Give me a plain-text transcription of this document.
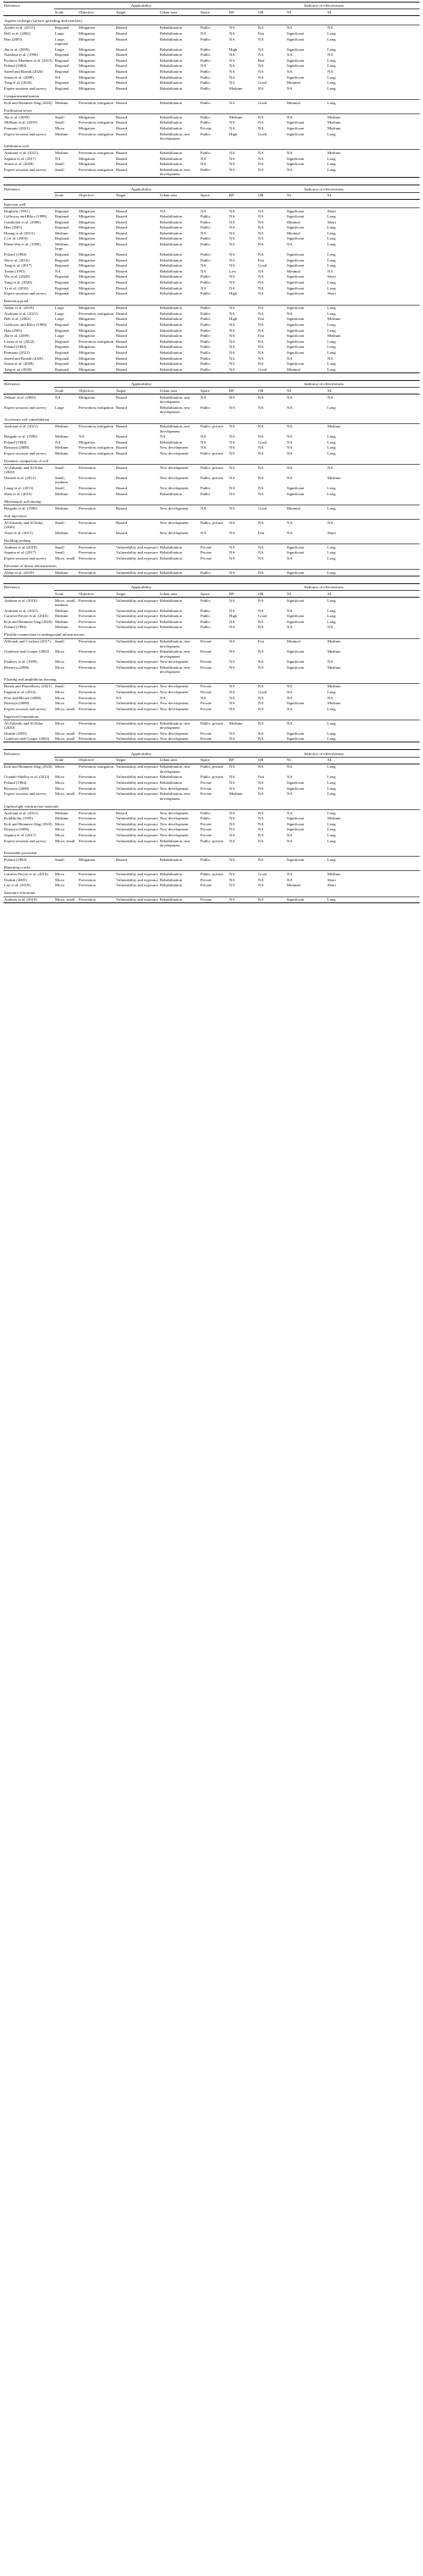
Reference	Applicability					Indicator of effectiveness			
	Scale	Objective	Target	Urban area	Space	RP	OR	NI	SL
Aquifer recharge (surface spreading and trenches)									
Alrabe et al. (2015)	Regional	Mitigation	Hazard	Rehabilitation	Public	NA	NA	NA	NA
Bell et al. (2002)	Large	Mitigation	Hazard	Rehabilitation	NA	NA	Fair	Significant	Long
Han (2003)	Large, regional	Mitigation	Hazard	Rehabilitation	Public	NA	NA	Significant	Long
Jha et al. (2009)	Large	Mitigation	Hazard	Rehabilitation	Public	High	NA	Significant	Long
Natalaya et al. (1996)	Regional	Mitigation	Hazard	Rehabilitation	Public	NA	NA	NA	NA
Pacheco-Martínez et al. (2013)	Regional	Mitigation	Hazard	Rehabilitation	Public	NA	Bad	Significant	Long
Poland (1984)	Regional	Mitigation	Hazard	Rehabilitation	NA	NA	NA	Significant	Long
Saeed and Brandt (2020)	Regional	Mitigation	Hazard	Rehabilitation	Public	NA	NA	NA	NA
Souza et al. (2009)	NA	Mitigation	Hazard	Rehabilitation	Public	NA	NA	Significant	Long
Teng et al. (2020)	Regional	Mitigation	Hazard	Rehabilitation	Public	NA	Good	Minimal	Long
Expert sessions and survey	Regional	Mitigation	Hazard	Rehabilitation	Public	Medium	NA	NA	Long
Compartmentalization									
Kok and Hommes-Slag (2020)	Medium	Prevention, mitigation	Hazard	Rehabilitation	Public	NA	Good	Minimal	Long
Exfiltration sewer									
Jha et al. (2009)	Small	Mitigation	Hazard	Rehabilitation	Public	Medium	NA	NA	Medium
McBean et al. (2019)	Small	Prevention, mitigation	Hazard	Rehabilitation	Public	NA	NA	Significant	Medium
Pramono (2021)	Micro	Mitigation	Hazard	Rehabilitation	Private	NA	NA	Significant	Medium
Expert sessions and survey	Medium	Prevention, mitigation	Hazard	Rehabilitation, new development	Public	High	Good	Significant	Long
Infiltration well									
Andriani et al. (2021)	Medium	Prevention, mitigation	Hazard	Rehabilitation	Public	NA	NA	NA	Medium
Saputra et al. (2017)	NA	Mitigation	Hazard	Rehabilitation	NA	NA	NA	Significant	Long
Souza et al. (2009)	Small	Mitigation	Hazard	Rehabilitation	NA	NA	NA	Significant	Long
Expert sessions and survey	Small	Prevention, mitigation	Hazard	Rehabilitation, new development	Public	NA	NA	NA	Long
Reference	Applicability					Indicator of effectiveness			
	Scale	Objective	Target	Urban area	Space	RP	OR	NI	SL
Injection well									
Brighetti (1991)	Regional	Mitigation	Hazard	NA	NA	NA	NA	Significant	Short
Galloway and Riley (1999)	Regional	Mitigation	Hazard	Rehabilitation	Public	NA	NA	Significant	Long
Gambolati et al. (2006)	Regional	Mitigation	Hazard	Rehabilitation	Public	NA	NA	Minimal	Short
Han (2003)	Regional	Mitigation	Hazard	Rehabilitation	Public	NA	NA	Significant	Long
Huang et al. (2015)	Medium	Mitigation	Hazard	Rehabilitation	NA	NA	NA	Minimal	Long
Li et al. (2003)	Regional	Mitigation	Hazard	Rehabilitation	Public	NA	NA	Significant	Long
Phien-Wej et al. (1998)	Medium, large	Mitigation	Hazard	Rehabilitation	Public	NA	NA	NA	Long
Poland (1984)	Regional	Mitigation	Hazard	Rehabilitation	Public	NA	NA	Significant	Long
Shi et al. (2016)	Regional	Mitigation	Hazard	Rehabilitation	Public	NA	Fair	Significant	Long
Tang et al. (2017)	Regional	Mitigation	Hazard	Rehabilitation	NA	NA	Good	Significant	Long
Teatin (1991)	NA	Mitigation	Hazard	Rehabilitation	NA	Low	NA	Minimal	NA
Wu et al. (2020)	Regional	Mitigation	Hazard	Rehabilitation	Public	NA	NA	Significant	Short
Yang et al. (2020)	Regional	Mitigation	Hazard	Rehabilitation	Public	NA	NA	Significant	Long
Ye et al. (2016)	Regional	Mitigation	Hazard	Rehabilitation	NA	NA	NA	Significant	Long
Expert sessions and survey	Regional	Mitigation	Hazard	Rehabilitation	Public	High	NA	Significant	Short
Retention pond									
Akbar et al. (2019)	Large	Mitigation	Hazard	Rehabilitation	Public	NA	NA	Significant	Long
Andriani et al. (2021)	Large	Prevention, mitigation	Hazard	Rehabilitation	Public	NA	NA	NA	Long
Bell et al. (2002)	Large	Mitigation	Hazard	Rehabilitation	Public	High	Fair	Significant	Medium
Galloway and Riley (1999)	Regional	Mitigation	Hazard	Rehabilitation	Public	NA	NA	Significant	Long
Han (2003)	Regional	Mitigation	Hazard	Rehabilitation	Public	NA	NA	Significant	Long
Jha et al. (2009)	Large	Mitigation	Hazard	Rehabilitation	Public	NA	Fair	Significant	Medium
Lixiao et al. (2022)	Regional	Prevention, mitigation	Hazard	Rehabilitation	Public	NA	NA	Significant	Long
Poland (1984)	Regional	Mitigation	Hazard	Rehabilitation	Public	NA	NA	Significant	Long
Pramono (2021)	Regional	Mitigation	Hazard	Rehabilitation	Public	NA	NA	Significant	Long
Saeed and Brandt (2020)	Regional	Mitigation	Hazard	Rehabilitation	Public	NA	NA	NA	NA
Souza et al. (2009)	Regional	Mitigation	Hazard	Rehabilitation	Public	NA	NA	Significant	Long
Teng et al. (2020)	Regional	Mitigation	Hazard	Rehabilitation	Public	NA	Good	Minimal	Long
Reference	Applicability					Indicator of effectiveness			
	Scale	Objective	Target	Urban area	Space	RP	OR	NI	SL
Zektser et al. (2005)	NA	Mitigation	Hazard	Rehabilitation, new development	NA	NA	NA	NA	NA
Expert sessions and survey	Large	Prevention, mitigation	Hazard	Rehabilitation, new development	Public	NA	NA	NA	Long
Accelerate soil consolidation									
Andriani et al. (2021)	Medium	Prevention, mitigation	Hazard	Rehabilitation, new development	Public, private	NA	NA	NA	Medium
Bergado et al. (1990)	Medium	NA	Hazard	NA	NA	NA	NA	NA	Long
Poland (1984)	NA	Mitigation	Hazard	Rehabilitation	NA	NA	Good	NA	Long
Rözsnya (2008)	Medium	Prevention, mitigation	Hazard	New development	NA	NA	NA	NA	Long
Expert sessions and survey	Medium	Prevention, mitigation	Hazard	New development	Public, private	NA	NA	NA	Long
Dynamic compaction of soil									
Al-Zubaidy and Al-Kilai (2020)	Small	Prevention	Hazard	New development	Public, private	NA	NA	NA	NA
Hamidi et al. (2011)	Small, medium	Prevention	Hazard	New development	Public, private	NA	NA	NA	Medium
Liang et al. (2013)	Small	Prevention	Hazard	New development	Public	NA	NA	Significant	Long
Shen et al. (2019)	Medium	Prevention	Hazard	Rehabilitation	Public	NA	NA	Significant	Long
Mechanical soil mixing									
Bergado et al. (1990)	Medium	Prevention	Hazard	New development	NA	NA	Good	Minimal	Long
Soil injections									
Al-Zubaidy and Al-Kilai (2020)	Small	Prevention	Hazard	New development	Public, private	NA	NA	NA	NA
Xiaoi et al. (2015)	Medium	Prevention	Hazard	New development	NA	NA	Fair	NA	Short
Building jacking									
Andreas et al. (2018)	Small	Prevention	Vulnerability and exposure	Rehabilitation	Private	NA	NA	Significant	Long
Saputra et al. (2017)	Small	Prevention	Vulnerability and exposure	Rehabilitation	Private	NA	NA	Significant	Long
Expert sessions and survey	Micro, small	Prevention	Vulnerability and exposure	Rehabilitation	Private	NA	NA	NA	Long
Elevation of linear infrastructures									
Akbar et al. (2019)	Medium	Prevention	Vulnerability and exposure	Rehabilitation	Public	NA	NA	Significant	Long
Reference	Applicability					Indicator of effectiveness			
	Scale	Objective	Target	Urban area	Space	RP	OR	NI	SL
Andreas et al. (2018)	Micro, small, medium	Prevention	Vulnerability and exposure	Rehabilitation	Public	NA	NA	Significant	Long
Andriani et al. (2021)	Medium	Prevention	Vulnerability and exposure	Rehabilitation	Public	NA	NA	NA	Long
Carreón-Freyre et al. (2016)	Medium	Prevention	Vulnerability and exposure	Rehabilitation	Public	High	Good	Significant	Long
Kok and Hommes-Slag (2020)	Medium	Prevention	Vulnerability and exposure	Rehabilitation	Public	NA	NA	Significant	Long
Poland (1984)	Medium	Prevention	Vulnerability and exposure	Rehabilitation	Public	NA	NA	NA	NA
Flexible connections to underground infrastructures									
Alfieriek and Cordova (2017)	Small	Prevention	Vulnerability and exposure	Rehabilitation, new development	Private	NA	Fair	Minimal	Medium
Gutiérrez and Cooper (2002)	Micro	Prevention	Vulnerability and exposure	Rehabilitation, new development	Private	NA	NA	Significant	Medium
Paukeys et al. (1999)	Micro	Prevention	Vulnerability and exposure	New development	Private	NA	NA	Significant	NA
Rözsnya (2008)	Micro	Prevention	Vulnerability and exposure	Rehabilitation, new development	Private	NA	NA	Significant	Medium
Floating and amphibious housing									
Bonsk and Ehrenfberty (2021)	Small	Prevention	Vulnerability and exposure	New development	Private	NA	NA	NA	Medium
English et al. (2016)	Micro	Prevention	Vulnerability and exposure	New development	Private	NA	Good	NA	Long
Pötz and Bleuzé (2008)	Micro	Prevention	NA	NA	NA	NA	NA	NA	NA
Rözsnya (2008)	Micro	Prevention	Vulnerability and exposure	New development	Private	NA	NA	Significant	Medium
Expert sessions and survey	Micro, small	Prevention	Vulnerability and exposure	New development	Private	NA	NA	NA	Long
Improved foundations									
Al-Zubaidy and Al-Kilai (2020)	Micro	Prevention	Vulnerability and exposure	Rehabilitation, new development	Public, private	Medium	NA	NA	Long
Deakin (2005)	Micro, small	Prevention	Vulnerability and exposure	New development	Private	NA	NA	Significant	Long
Gutiérrez and Cooper (2002)	Micro, small	Prevention	Vulnerability and exposure	New development	Private	NA	NA	Significant	Long
Reference	Applicability					Indicator of effectiveness			
	Scale	Objective	Target	Urban area	Space	RP	OR	NI	SL
Kok and Hommes-Slag (2020)	Micro	Prevention, mitigation	Vulnerability and exposure	Rehabilitation, new development	Public, private	NA	NA	NA	Long
Ovando-Shelley et al. (2013)	Micro	Prevention	Vulnerability and exposure	Rehabilitation	Public, private	NA	Fair	NA	Long
Poland (1984)	Micro	Prevention	Vulnerability and exposure	Rehabilitation	Private	NA	NA	Significant	Long
Rözsnya (2008)	Micro	Prevention	Vulnerability and exposure	New development	Private	NA	NA	Significant	Long
Expert sessions and survey	Micro, small	Prevention	Vulnerability and exposure	Rehabilitation, new development	Private	Medium	NA	NA	Long
Lightweight construction materials									
Andriani et al. (2021)	Medium	Prevention	Hazard	New development	Public	NA	NA	NA	Long
Kohlsholin (1995)	Medium	Prevention	Vulnerability and exposure	New development	Public	NA	NA	Significant	Medium
Kok and Hommes-Slag (2020)	Micro	Prevention	Vulnerability and exposure	New development	Private	NA	NA	Significant	Long
Rözsnya (2008)	Micro	Prevention	Vulnerability and exposure	New development	Private	NA	NA	Significant	Long
Saputra et al. (2017)	Micro	Prevention	Vulnerability and exposure	New development	Private	NA	NA	NA	Long
Expert sessions and survey	Micro, small	Prevention	Vulnerability and exposure	Rehabilitation, new development	Public, private	NA	NA	NA	Long
Permeable pavement									
Poland (1984)	Small	Mitigation	Hazard	Rehabilitation	Public	NA	NA	Significant	Long
Repairing cracks									
Carreón-Freyre et al. (2016)	Micro	Prevention	Vulnerability and exposure	Rehabilitation	Public, private	NA	Good	NA	Medium
Deakin (2005)	Micro	Prevention	Vulnerability and exposure	Rehabilitation	Private	NA	NA	NA	Short
Luo et al. (2019)	Micro	Prevention	Vulnerability and exposure	Rehabilitation	Private	NA	NA	Minimal	Short
Structure relocation									
Andreas et al. (2018)	Micro, small	Prevention	Vulnerability and exposure	Rehabilitation	Private	NA	NA	Significant	Long
